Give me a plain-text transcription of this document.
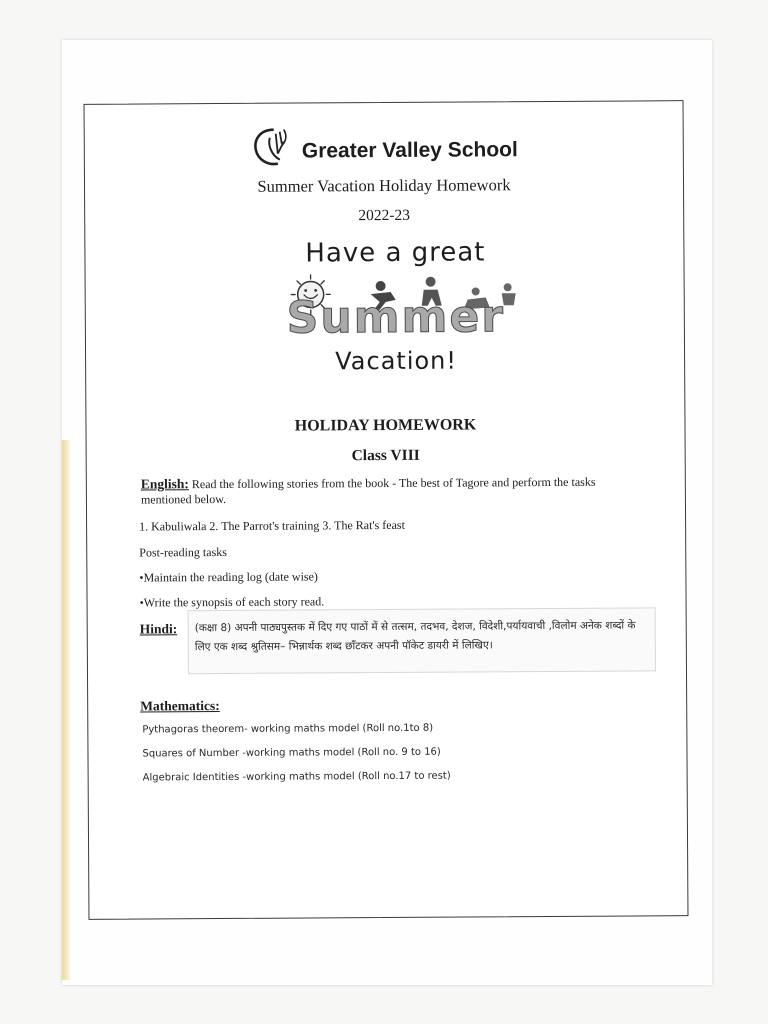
Greater Valley School
Summer Vacation Holiday Homework
2022-23
Have a great
Summer
Vacation!
HOLIDAY HOMEWORK
Class VIII
English: Read the following stories from the book - The best of Tagore and perform the tasks mentioned below.
1. Kabuliwala 2. The Parrot's training 3. The Rat's feast
Post-reading tasks
•Maintain the reading log (date wise)
•Write the synopsis of each story read.
Hindi:	(कक्षा 8) अपनी पाठ्यपुस्तक में दिए गए पाठों में से तत्सम, तदभव, देशज, विदेशी,पर्यायवाची ,विलोम अनेक शब्दों के लिए एक शब्द श्रुतिसम– भिन्नार्थक शब्द छाँटकर अपनी पॉकेट डायरी में लिखिए।
Mathematics:
Pythagoras theorem- working maths model (Roll no.1to 8)
Squares of Number -working maths model (Roll no. 9 to 16)
Algebraic Identities -working maths model (Roll no.17 to rest)
